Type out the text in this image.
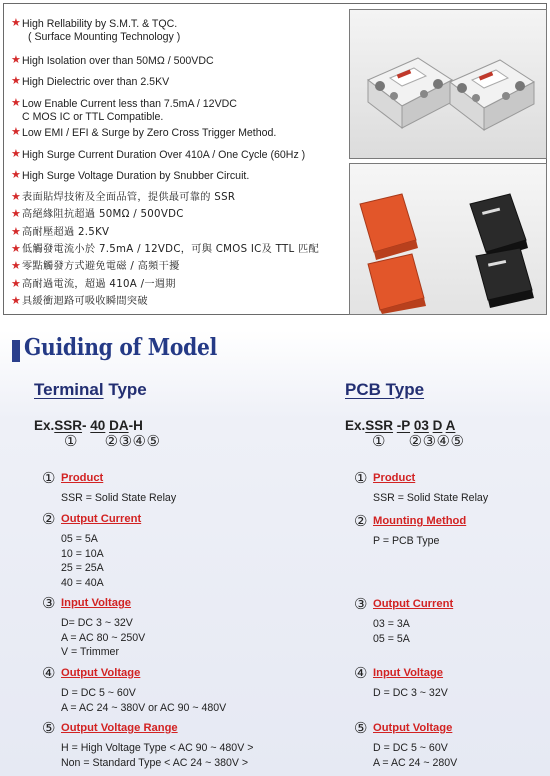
★ High Rellability by S.M.T. & TQC.
( Surface Mounting Technology )
★ High Isolation over than 50MΩ / 500VDC
★ High Dielectric over than 2.5KV
★ Low Enable Current less than 7.5mA / 12VDC
C MOS IC or TTL Compatible.
★ Low EMI / EFI & Surge by Zero Cross Trigger Method.
★ High Surge Current Duration Over 410A / One Cycle (60Hz )
★ High Surge Voltage Duration by Snubber Circuit.
★ 表面貼焊技術及全面品管，提供最可靠的 SSR
★ 高絕緣阻抗超過 50MΩ / 500VDC
★ 高耐壓超過 2.5KV
★ 低觸發電流小於 7.5mA / 12VDC，可與 CMOS IC及 TTL 匹配
★ 零點觸發方式避免電磁 / 高頻干擾
★ 高耐過電流，超過 410A /一週期
★ 具緩衝迴路可吸收瞬間突破
Guiding of Model
Terminal Type
Ex.SSR- 40 DA-H
① ②③④⑤
① Product
SSR = Solid State Relay
② Output Current
05 = 5A
10 = 10A
25 = 25A
40 = 40A
③ Input Voltage
D= DC 3 ~ 32V
A = AC 80 ~ 250V
V = Trimmer
④ Output Voltage
D = DC 5 ~ 60V
A = AC 24 ~ 380V or AC 90 ~ 480V
⑤ Output Voltage Range
H = High Voltage Type < AC 90 ~ 480V >
Non = Standard Type < AC 24 ~ 380V >
PCB Type
Ex.SSR -P 03 D A
① ②③④⑤
① Product
SSR = Solid State Relay
② Mounting Method
P = PCB Type
③ Output Current
03 = 3A
05 = 5A
④ Input Voltage
D = DC 3 ~ 32V
⑤ Output Voltage
D = DC 5 ~ 60V
A = AC 24 ~ 280V
